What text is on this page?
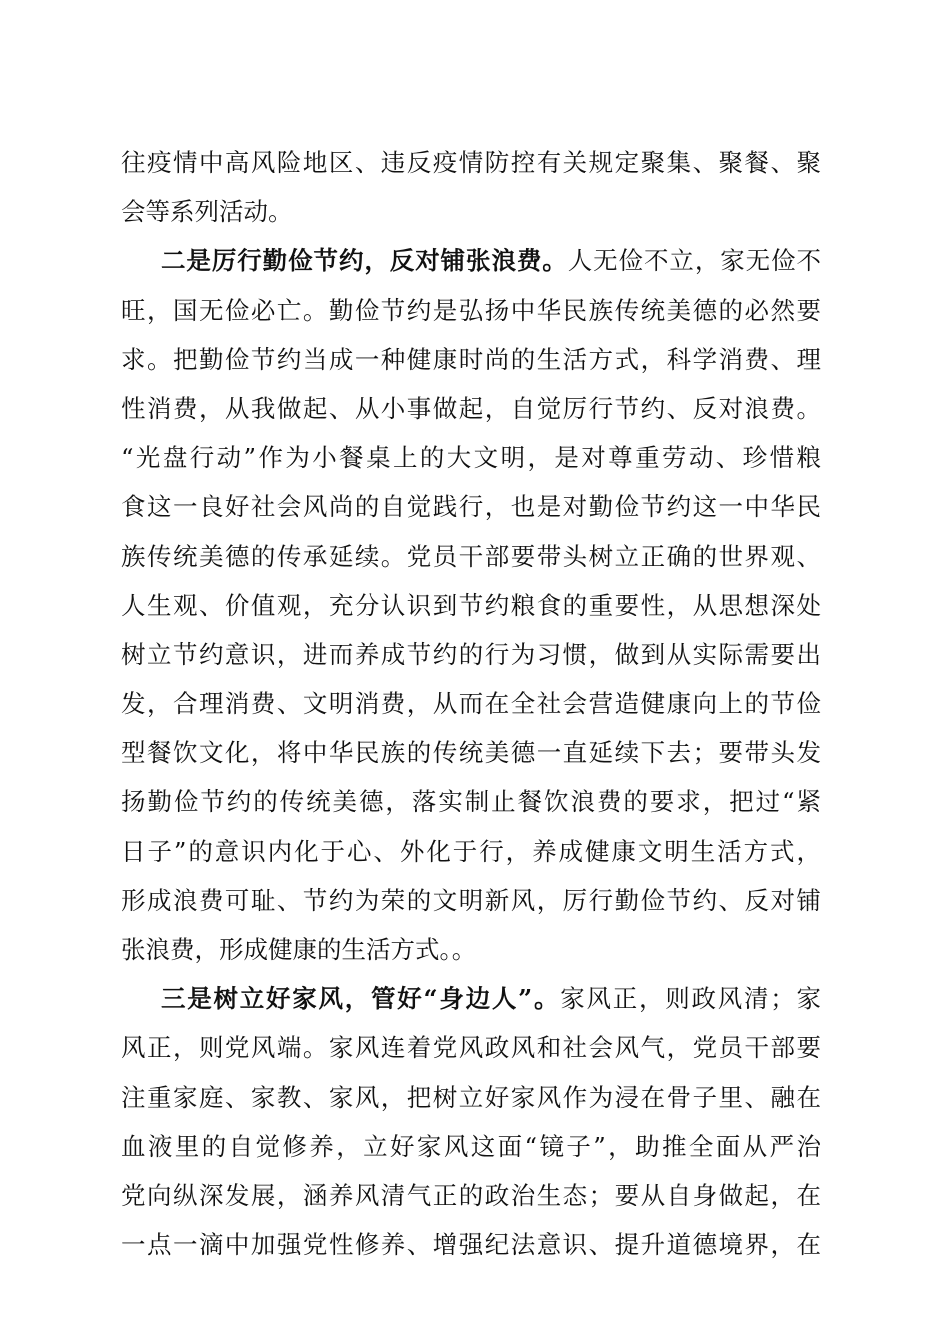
往疫情中高风险地区、违反疫情防控有关规定聚集、聚餐、聚
会等系列活动。
二是厉行勤俭节约，反对铺张浪费。人无俭不立，家无俭不
旺，国无俭必亡。勤俭节约是弘扬中华民族传统美德的必然要
求。把勤俭节约当成一种健康时尚的生活方式，科学消费、理
性消费，从我做起、从小事做起，自觉厉行节约、反对浪费。
“光盘行动”作为小餐桌上的大文明，是对尊重劳动、珍惜粮
食这一良好社会风尚的自觉践行，也是对勤俭节约这一中华民
族传统美德的传承延续。党员干部要带头树立正确的世界观、
人生观、价值观，充分认识到节约粮食的重要性，从思想深处
树立节约意识，进而养成节约的行为习惯，做到从实际需要出
发，合理消费、文明消费，从而在全社会营造健康向上的节俭
型餐饮文化，将中华民族的传统美德一直延续下去；要带头发
扬勤俭节约的传统美德，落实制止餐饮浪费的要求，把过“紧
日子”的意识内化于心、外化于行，养成健康文明生活方式，
形成浪费可耻、节约为荣的文明新风，厉行勤俭节约、反对铺
张浪费，形成健康的生活方式。。
三是树立好家风，管好“身边人”。家风正，则政风清；家
风正，则党风端。家风连着党风政风和社会风气，党员干部要
注重家庭、家教、家风，把树立好家风作为浸在骨子里、融在
血液里的自觉修养，立好家风这面“镜子”，助推全面从严治
党向纵深发展，涵养风清气正的政治生态；要从自身做起，在
一点一滴中加强党性修养、增强纪法意识、提升道德境界，在
